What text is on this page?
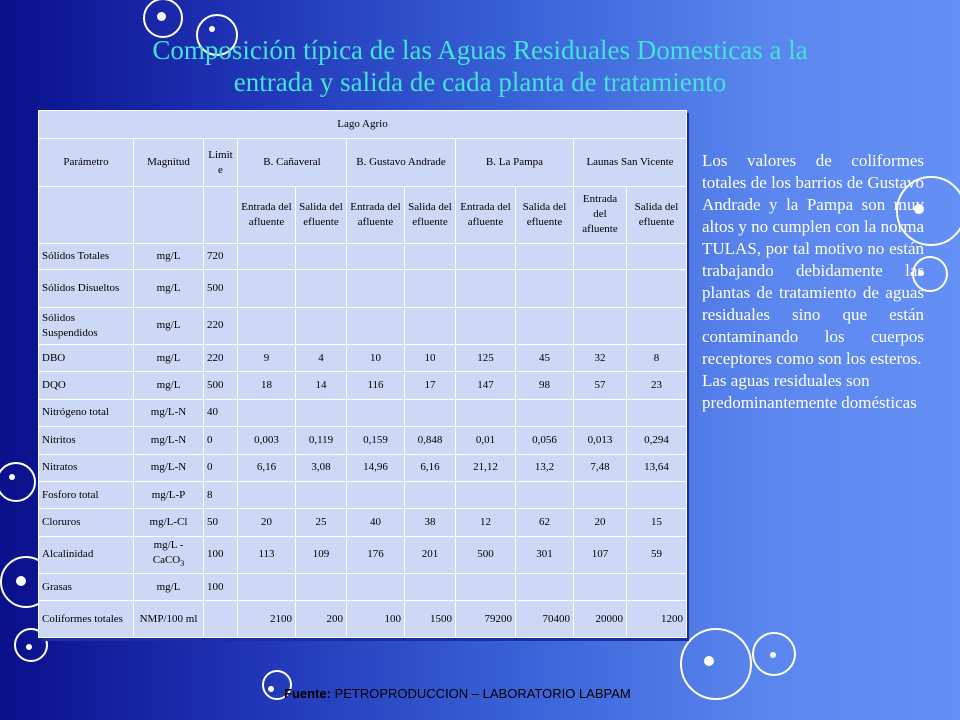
Composición típica de las Aguas Residuales Domesticas a la
entrada y salida de cada planta de tratamiento
Lago Agrio										
Parámetro	Magnitud	Limit e	B. Cañaveral		B. Gustavo Andrade		B. La Pampa		Launas San Vicente	
			Entrada del afluente	Salida del efluente	Entrada del afluente	Salida del efluente	Entrada del afluente	Salida del efluente	Entrada del afluente	Salida del efluente
Sólidos Totales	mg/L	720								
Sólidos Disueltos	mg/L	500								
Sólidos Suspendidos	mg/L	220								
DBO	mg/L	220	9	4	10	10	125	45	32	8
DQO	mg/L	500	18	14	116	17	147	98	57	23
Nitrógeno total	mg/L-N	40								
Nitritos	mg/L-N	0	0,003	0,119	0,159	0,848	0,01	0,056	0,013	0,294
Nitratos	mg/L-N	0	6,16	3,08	14,96	6,16	21,12	13,2	7,48	13,64
Fosforo total	mg/L-P	8								
Cloruros	mg/L-Cl	50	20	25	40	38	12	62	20	15
Alcalinidad	mg/L - CaCO$_3$	100	113	109	176	201	500	301	107	59
Grasas	mg/L	100								
Coliformes totales	NMP/100 ml		2100	200	100	1500	79200	70400	20000	1200

Los valores de coliformes totales de los barrios de Gustavo Andrade y la Pampa son muy altos y no cumplen con la norma TULAS, por tal motivo no están trabajando debidamente las plantas de tratamiento de aguas residuales sino que están contaminando los cuerpos receptores como son los esteros.

Las aguas residuales son predominantemente domésticas

Fuente: PETROPRODUCCION – LABORATORIO LABPAM
